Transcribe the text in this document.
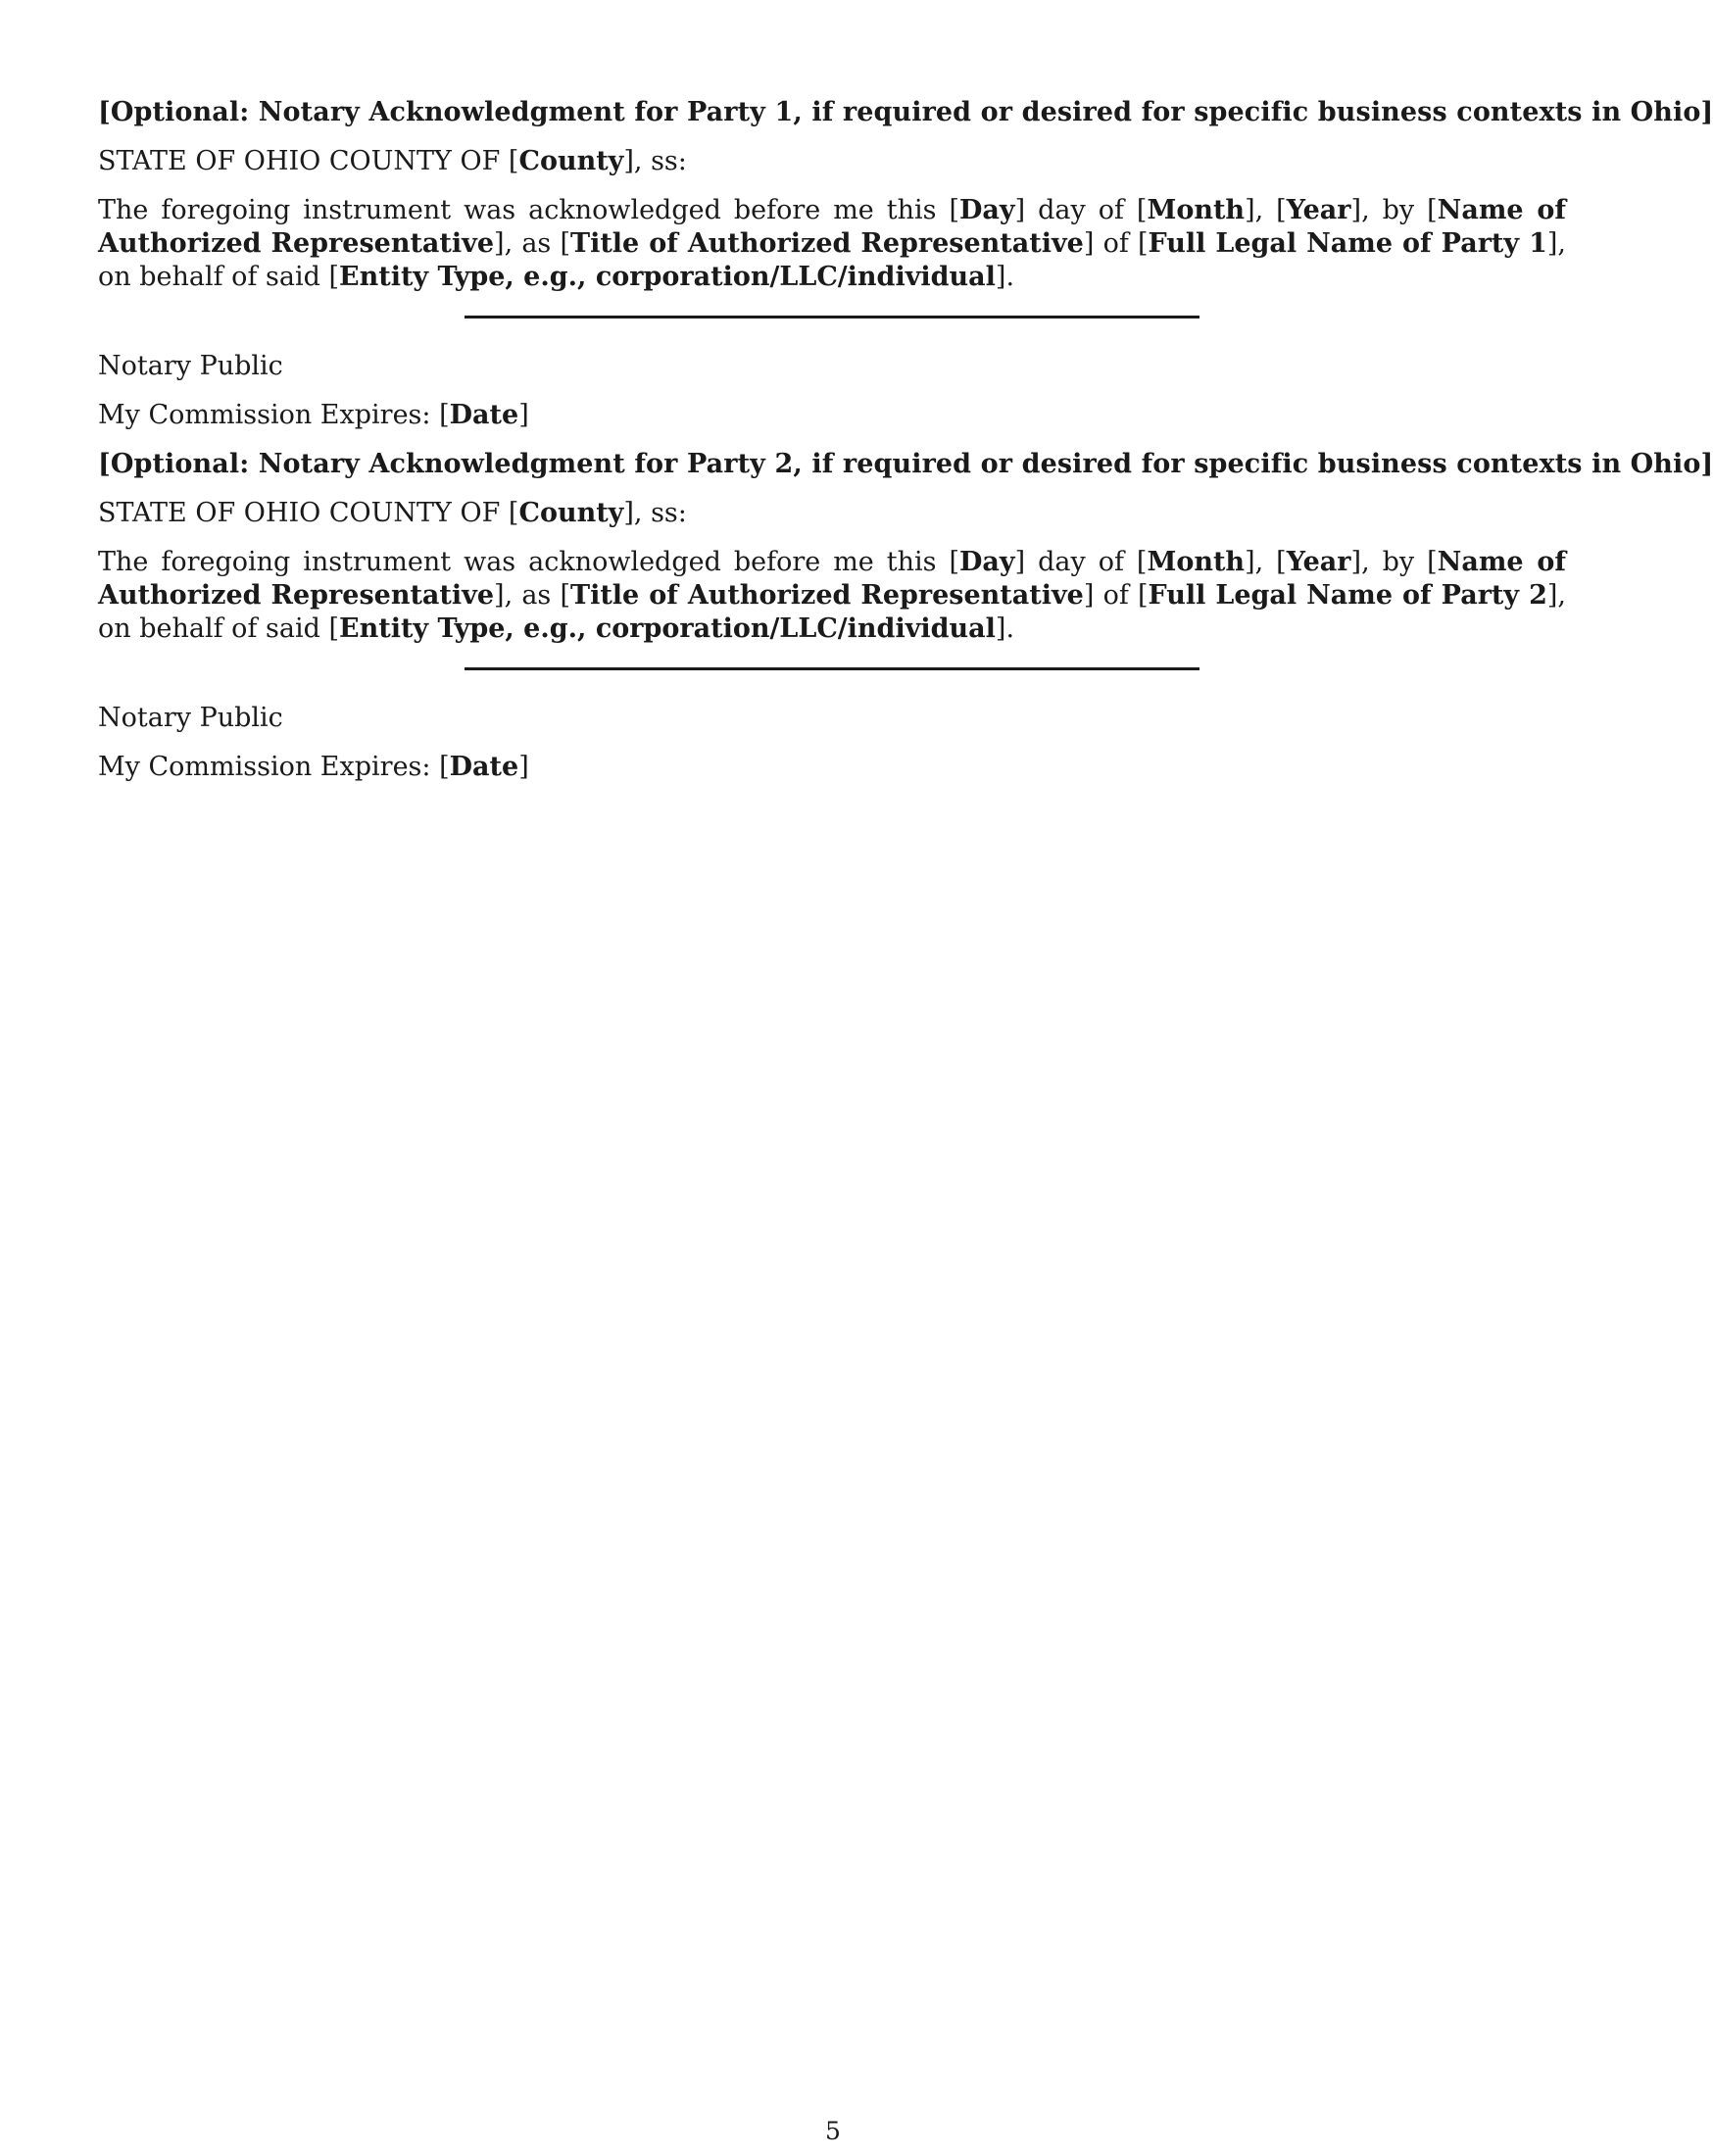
[Optional: Notary Acknowledgment for Party 1, if required or desired for specific business contexts in Ohio]

STATE OF OHIO COUNTY OF [County], ss:

The foregoing instrument was acknowledged before me this [Day] day of [Month], [Year], by [Name of Authorized Representative], as [Title of Authorized Representative] of [Full Legal Name of Party 1], on behalf of said [Entity Type, e.g., corporation/LLC/individual].

Notary Public

My Commission Expires: [Date]

[Optional: Notary Acknowledgment for Party 2, if required or desired for specific business contexts in Ohio]

STATE OF OHIO COUNTY OF [County], ss:

The foregoing instrument was acknowledged before me this [Day] day of [Month], [Year], by [Name of Authorized Representative], as [Title of Authorized Representative] of [Full Legal Name of Party 2], on behalf of said [Entity Type, e.g., corporation/LLC/individual].

Notary Public

My Commission Expires: [Date]

5
